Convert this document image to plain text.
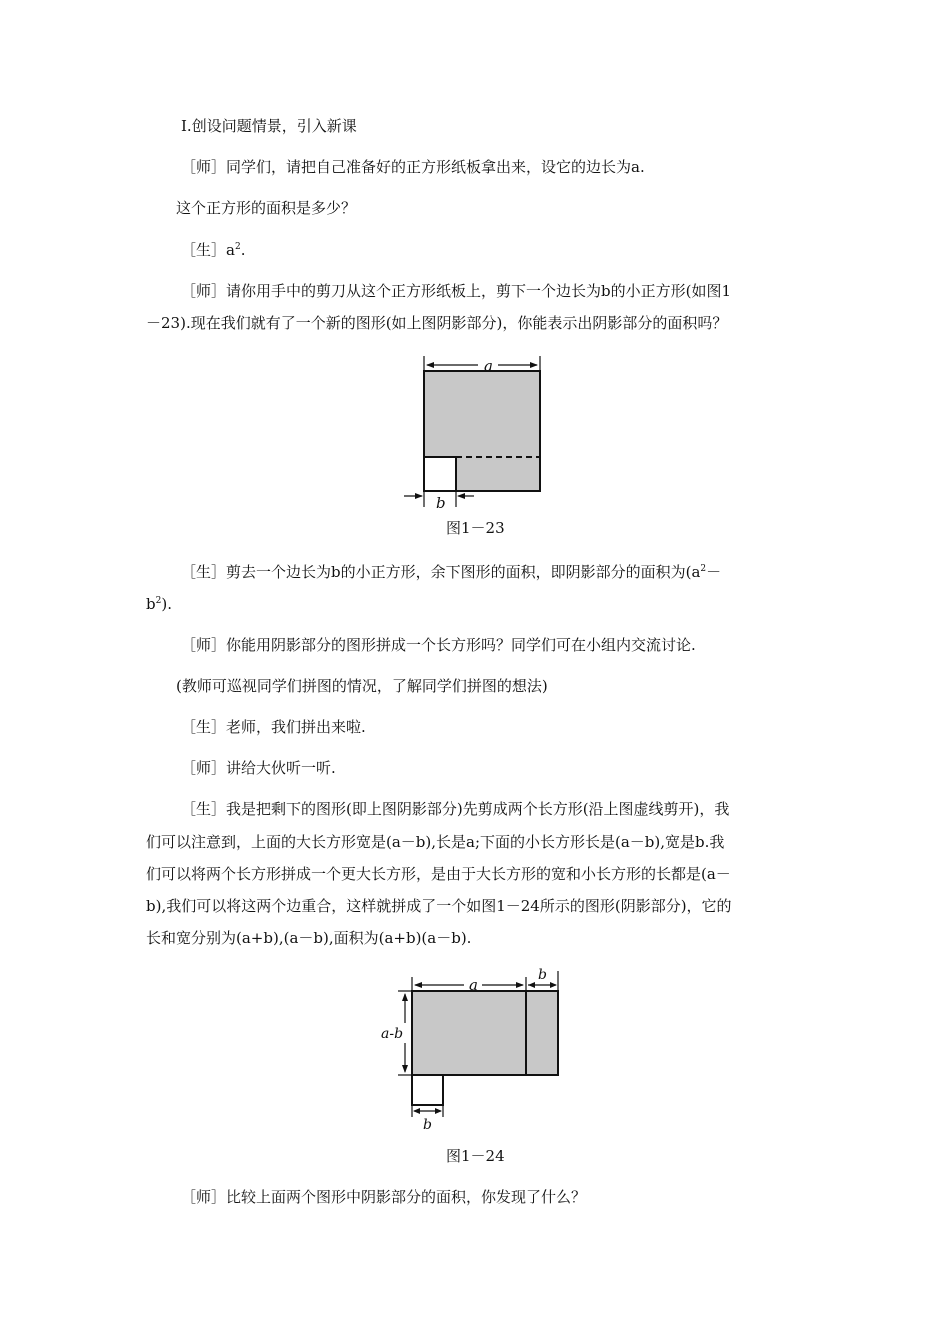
Ⅰ.创设问题情景，引入新课
［师］同学们，请把自己准备好的正方形纸板拿出来，设它的边长为a.
这个正方形的面积是多少？
［生$]a^2$.
［师］请你用手中的剪刀从这个正方形纸板上，剪下一个边长为b的小正方形(如图1
－23).现在我们就有了一个新的图形(如上图阴影部分)，你能表示出阴影部分的面积吗？
a
b
图1－23
［生］剪去一个边长为b的小正方形，余下图形的面积，即阴影部分的面积为($a^2-$
$b^2$).
［师］你能用阴影部分的图形拼成一个长方形吗？同学们可在小组内交流讨论.
(教师可巡视同学们拼图的情况，了解同学们拼图的想法)
［生］老师，我们拼出来啦.
［师］讲给大伙听一听.
［生］我是把剩下的图形(即上图阴影部分)先剪成两个长方形(沿上图虚线剪开)，我
们可以注意到，上面的大长方形宽是(a－b),长是a;下面的小长方形长是(a－b),宽是b.我
们可以将两个长方形拼成一个更大长方形，是由于大长方形的宽和小长方形的长都是(a－
b),我们可以将这两个边重合，这样就拼成了一个如图1－24所示的图形(阴影部分)，它的
长和宽分别为(a+b),(a－b),面积为(a+b)(a－b).
a
b
a-b
b
图1－24
［师］比较上面两个图形中阴影部分的面积，你发现了什么？
